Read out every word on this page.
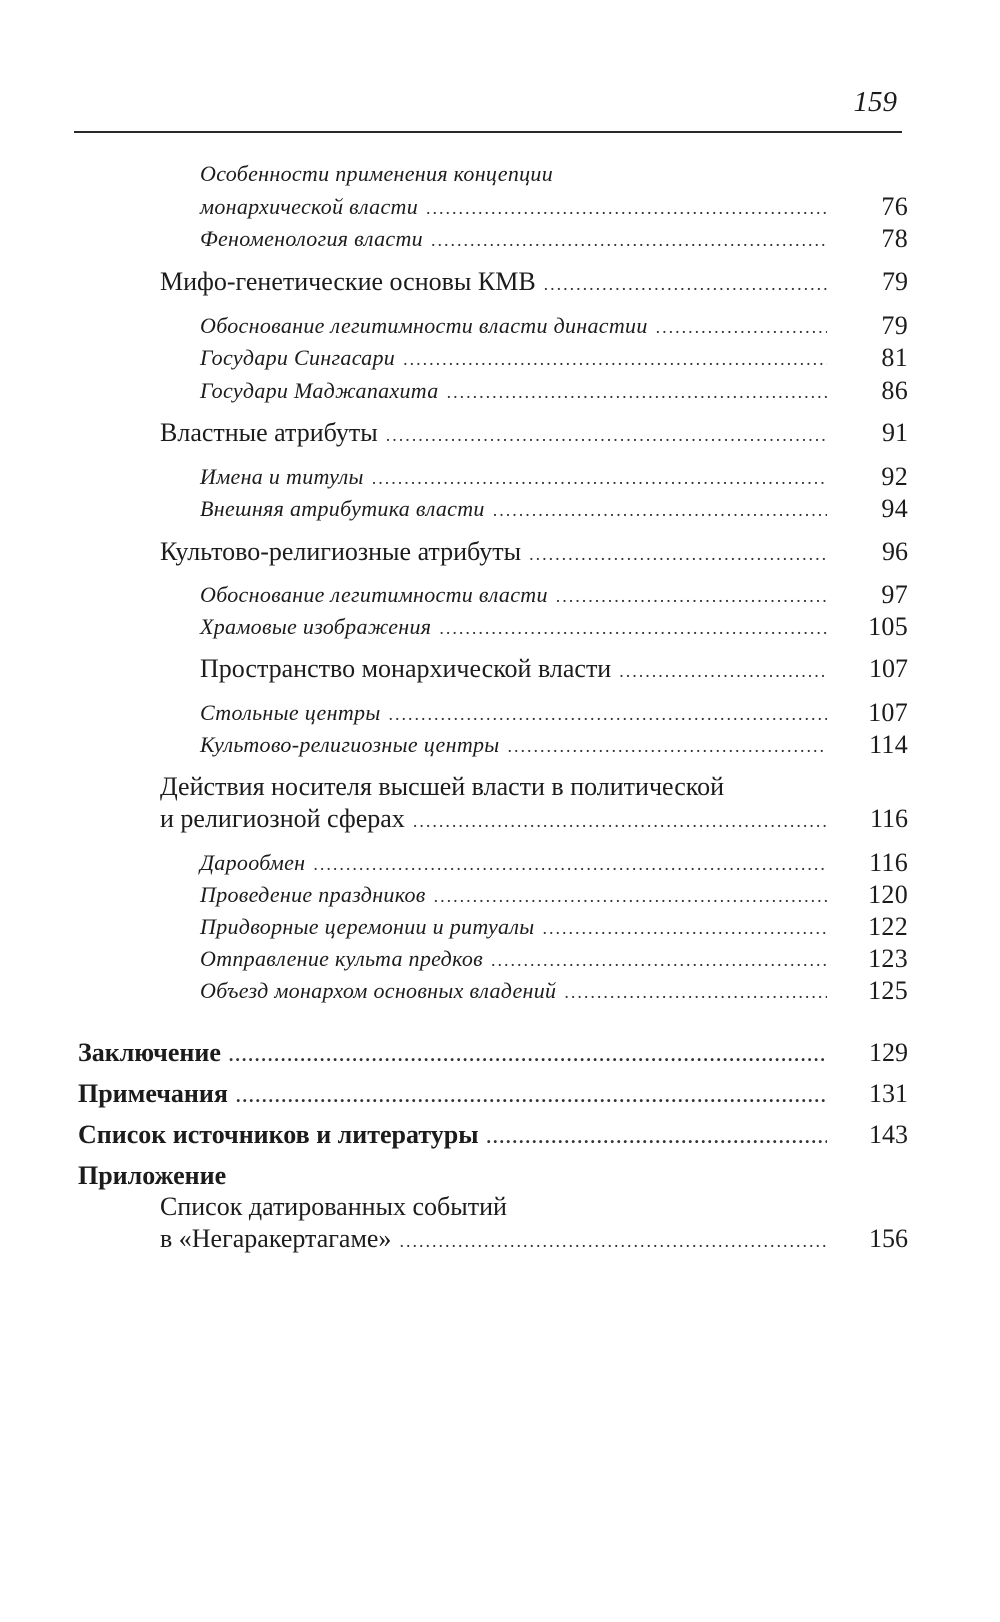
159
Особенности применения концепции
монархической власти .....	76
Феноменология власти .....	78
Мифо-генетические основы КМВ .....	79
Обоснование легитимности власти династии .....	79
Государи Сингасари .....	81
Государи Маджапахита .....	86
Властные атрибуты .....	91
Имена и титулы .....	92
Внешняя атрибутика власти .....	94
Культово-религиозные атрибуты .....	96
Обоснование легитимности власти .....	97
Храмовые изображения .....	105
Пространство монархической власти .....	107
Стольные центры .....	107
Культово-религиозные центры .....	114
Действия носителя высшей власти в политической
и религиозной сферах .....	116
Дарообмен .....	116
Проведение праздников .....	120
Придворные церемонии и ритуалы .....	122
Отправление культа предков .....	123
Объезд монархом основных владений .....	125
Заключение .....	129
Примечания .....	131
Список источников и литературы .....	143
Приложение
Список датированных событий
в «Негаракертагаме» .....	156
